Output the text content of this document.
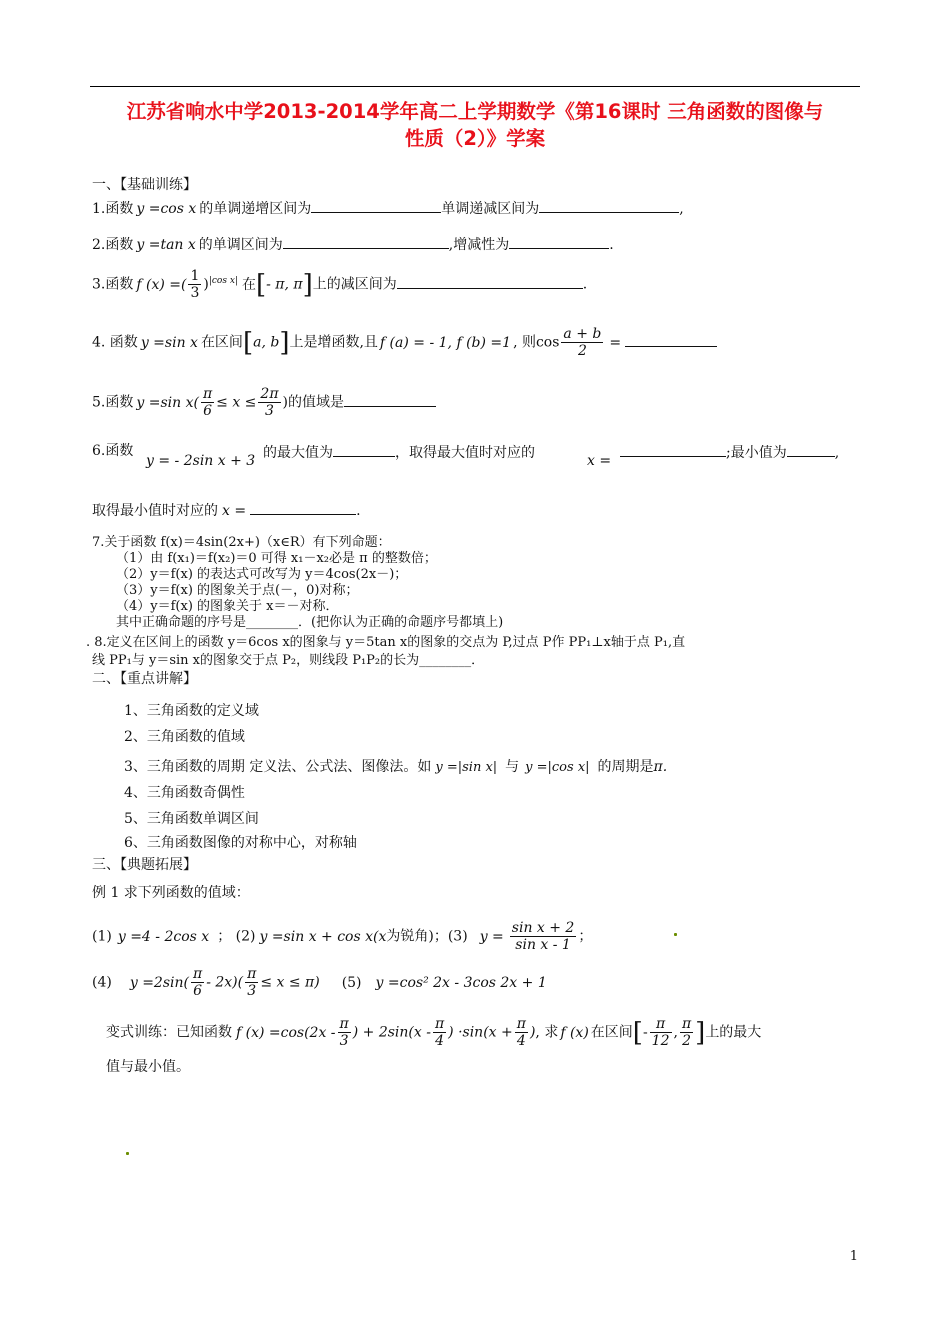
江苏省响水中学2013-2014学年高二上学期数学《第16课时 三角函数的图像与
性质（2）》学案
一、【基础训练】
1.函数 y =cos x 的单调递增区间为	单调递减区间为	,
2.函数 y =tan x 的单调区间为	,增减性为	.
3.函数 f (x) =( $\frac{1}{3} )^{|cos x|}$ 在[- π, π]上的减区间为	.
4. 函数 y =sin x 在区间[a, b]上是增函数,且 f (a) = - 1, f (b) =1 , 则$\cos \frac{a + b}{2}$ =
5.函数 y =sin $x( \frac{\pi}{6} \le x \le \frac{2\pi}{3}$ )的值域是
6.函数
y = - 2sin x + 3 的最大值为	，取得最大值时对应的	x =	;最小值为	,
取得最小值时对应的 x =	.
7.关于函数 f(x)＝4sin(2x+)（x∈R）有下列命题：
（1）由 f(x₁)＝f(x₂)＝0 可得 x₁－x₂必是 π 的整数倍；
（2）y＝f(x) 的表达式可改写为 y＝4cos(2x－)；
（3）y＝f(x) 的图象关于点(－，0)对称；
（4）y＝f(x) 的图象关于 x＝－对称．
其中正确命题的序号是________．(把你认为正确的命题序号都填上)
. 8.定义在区间上的函数 y＝6cos x的图象与 y＝5tan x的图象的交点为 P,过点 P作 PP₁⊥x轴于点 P₁,直
线 PP₁与 y＝sin x的图象交于点 P₂，则线段 P₁P₂的长为________．
二、【重点讲解】
1、三角函数的定义域
2、三角函数的值域
3、三角函数的周期 定义法、公式法、图像法。如 y =|sin x| 与 y =|cos x| 的周期是π.
4、三角函数奇偶性
5、三角函数单调区间
6、三角函数图像的对称中心，对称轴
三、【典题拓展】
例 1 求下列函数的值域：
(1) y =4 - 2cos x ； (2) y =sin x + cos x(x为锐角)；(3) $y = \frac{\text{sin x + 2}}{\text{sin x - 1}}$ ；
(4) $y =2\sin( \frac{\pi}{6} - 2x)( \frac{\pi}{3} \le x \le \pi)$ (5) y =cos² 2x - 3cos 2x + 1
变式训练：已知函数 f $(x) =\cos(2x - \frac{\pi}{3}$ ) + $2\sin(x - \frac{\pi}{4}$ ) $\cdot\sin(x + \frac{\pi}{4}$ ), 求 f (x) 在区间[- $\frac{\pi}{12}$ , $\frac{\pi}{2}$ ]上的最大
值与最小值。
1
